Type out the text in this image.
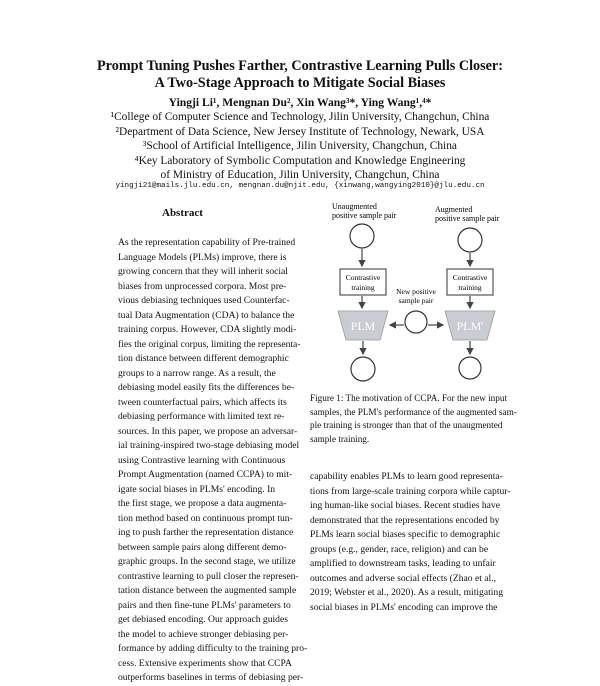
Prompt Tuning Pushes Farther, Contrastive Learning Pulls Closer:
A Two-Stage Approach to Mitigate Social Biases
Yingji Li¹, Mengnan Du², Xin Wang³*, Ying Wang¹,⁴*
¹College of Computer Science and Technology, Jilin University, Changchun, China
²Department of Data Science, New Jersey Institute of Technology, Newark, USA
³School of Artificial Intelligence, Jilin University, Changchun, China
⁴Key Laboratory of Symbolic Computation and Knowledge Engineering
of Ministry of Education, Jilin University, Changchun, China
yingji21@mails.jlu.edu.cn, mengnan.du@njit.edu, {xinwang,wangying2010}@jlu.edu.cn
Abstract
As the representation capability of Pre-trained
Language Models (PLMs) improve, there is
growing concern that they will inherit social
biases from unprocessed corpora. Most pre-
vious debiasing techniques used Counterfac-
tual Data Augmentation (CDA) to balance the
training corpus. However, CDA slightly modi-
fies the original corpus, limiting the representa-
tion distance between different demographic
groups to a narrow range. As a result, the
debiasing model easily fits the differences be-
tween counterfactual pairs, which affects its
debiasing performance with limited text re-
sources. In this paper, we propose an adversar-
ial training-inspired two-stage debiasing model
using Contrastive learning with Continuous
Prompt Augmentation (named CCPA) to mit-
igate social biases in PLMs' encoding. In
the first stage, we propose a data augmenta-
tion method based on continuous prompt tun-
ing to push farther the representation distance
between sample pairs along different demo-
graphic groups. In the second stage, we utilize
contrastive learning to pull closer the represen-
tation distance between the augmented sample
pairs and then fine-tune PLMs' parameters to
get debiased encoding. Our approach guides
the model to achieve stronger debiasing per-
formance by adding difficulty to the training pro-
cess. Extensive experiments show that CCPA
outperforms baselines in terms of debiasing per-
Unaugmented
positive sample pair
Augmented
positive sample pair
Contrastive
training
Contrastive
training
PLM	PLM'
New positive
sample pair
Figure 1: The motivation of CCPA. For the new input
samples, the PLM's performance of the augmented sam-
ple training is stronger than that of the unaugmented
sample training.
capability enables PLMs to learn good representa-
tions from large-scale training corpora while captur-
ing human-like social biases. Recent studies have
demonstrated that the representations encoded by
PLMs learn social biases specific to demographic
groups (e.g., gender, race, religion) and can be
amplified to downstream tasks, leading to unfair
outcomes and adverse social effects (Zhao et al.,
2019; Webster et al., 2020). As a result, mitigating
social biases in PLMs' encoding can improve the
